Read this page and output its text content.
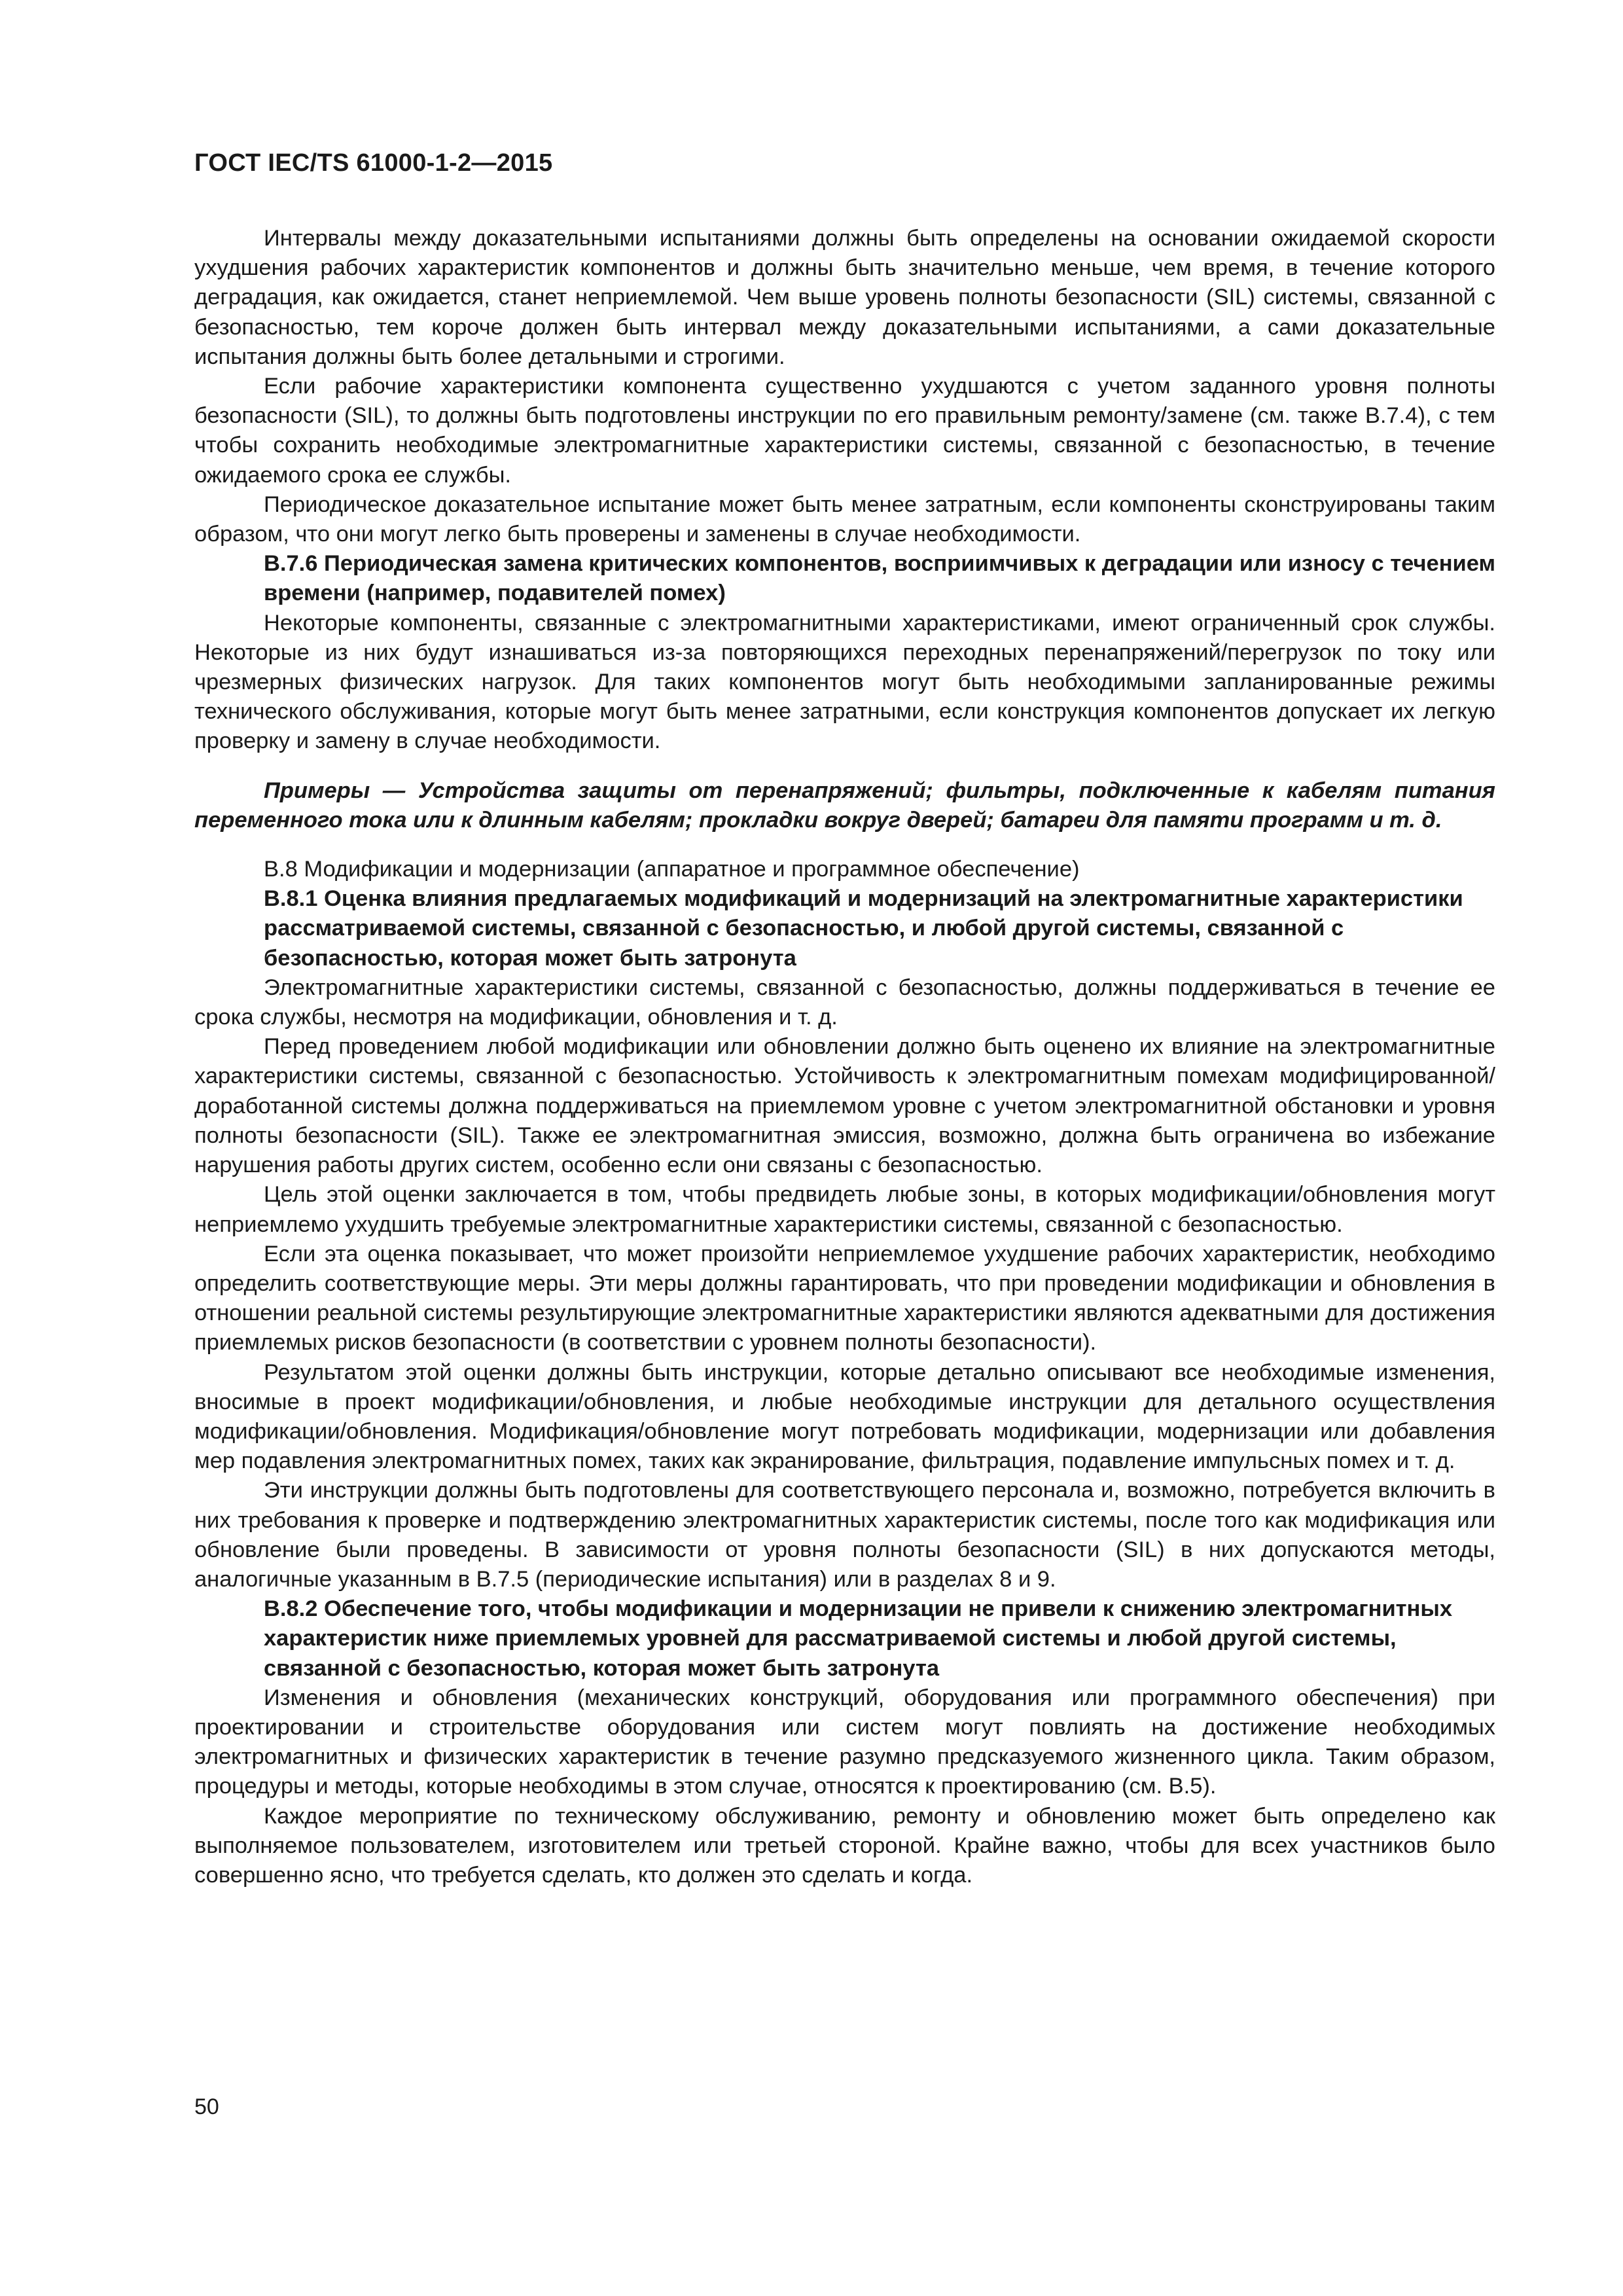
ГОСТ IEC/TS 61000-1-2—2015

Интервалы между доказательными испытаниями должны быть определены на основании ожидаемой скорости ухудшения рабочих характеристик компонентов и должны быть значительно меньше, чем время, в течение которого деградация, как ожидается, станет неприемлемой. Чем выше уровень полноты безопасности (SIL) системы, связанной с безопасностью, тем короче должен быть интервал между доказательными испытаниями, а сами доказательные испытания должны быть более детальными и строгими.

Если рабочие характеристики компонента существенно ухудшаются с учетом заданного уровня полноты безопасности (SIL), то должны быть подготовлены инструкции по его правильным ремонту/замене (см. также B.7.4), с тем чтобы сохранить необходимые электромагнитные характеристики системы, связанной с безопасностью, в течение ожидаемого срока ее службы.

Периодическое доказательное испытание может быть менее затратным, если компоненты сконструированы таким образом, что они могут легко быть проверены и заменены в случае необходимости.

B.7.6 Периодическая замена критических компонентов, восприимчивых к деградации или износу с течением времени (например, подавителей помех)

Некоторые компоненты, связанные с электромагнитными характеристиками, имеют ограниченный срок службы. Некоторые из них будут изнашиваться из-за повторяющихся переходных перенапряжений/перегрузок по току или чрезмерных физических нагрузок. Для таких компонентов могут быть необходимыми запланированные режимы технического обслуживания, которые могут быть менее затратными, если конструкция компонентов допускает их легкую проверку и замену в случае необходимости.

Примеры — Устройства защиты от перенапряжений; фильтры, подключенные к кабелям питания переменного тока или к длинным кабелям; прокладки вокруг дверей; батареи для памяти программ и т. д.

B.8 Модификации и модернизации (аппаратное и программное обеспечение)

B.8.1 Оценка влияния предлагаемых модификаций и модернизаций на электромагнитные характеристики рассматриваемой системы, связанной с безопасностью, и любой другой системы, связанной с безопасностью, которая может быть затронута

Электромагнитные характеристики системы, связанной с безопасностью, должны поддерживаться в течение ее срока службы, несмотря на модификации, обновления и т. д.

Перед проведением любой модификации или обновлении должно быть оценено их влияние на электромагнитные характеристики системы, связанной с безопасностью. Устойчивость к электромагнитным помехам модифицированной/доработанной системы должна поддерживаться на приемлемом уровне с учетом электромагнитной обстановки и уровня полноты безопасности (SIL). Также ее электромагнитная эмиссия, возможно, должна быть ограничена во избежание нарушения работы других систем, особенно если они связаны с безопасностью.

Цель этой оценки заключается в том, чтобы предвидеть любые зоны, в которых модификации/обновления могут неприемлемо ухудшить требуемые электромагнитные характеристики системы, связанной с безопасностью.

Если эта оценка показывает, что может произойти неприемлемое ухудшение рабочих характеристик, необходимо определить соответствующие меры. Эти меры должны гарантировать, что при проведении модификации и обновления в отношении реальной системы результирующие электромагнитные характеристики являются адекватными для достижения приемлемых рисков безопасности (в соответствии с уровнем полноты безопасности).

Результатом этой оценки должны быть инструкции, которые детально описывают все необходимые изменения, вносимые в проект модификации/обновления, и любые необходимые инструкции для детального осуществления модификации/обновления. Модификация/обновление могут потребовать модификации, модернизации или добавления мер подавления электромагнитных помех, таких как экранирование, фильтрация, подавление импульсных помех и т. д.

Эти инструкции должны быть подготовлены для соответствующего персонала и, возможно, потребуется включить в них требования к проверке и подтверждению электромагнитных характеристик системы, после того как модификация или обновление были проведены. В зависимости от уровня полноты безопасности (SIL) в них допускаются методы, аналогичные указанным в B.7.5 (периодические испытания) или в разделах 8 и 9.

B.8.2 Обеспечение того, чтобы модификации и модернизации не привели к снижению электромагнитных характеристик ниже приемлемых уровней для рассматриваемой системы и любой другой системы, связанной с безопасностью, которая может быть затронута

Изменения и обновления (механических конструкций, оборудования или программного обеспечения) при проектировании и строительстве оборудования или систем могут повлиять на достижение необходимых электромагнитных и физических характеристик в течение разумно предсказуемого жизненного цикла. Таким образом, процедуры и методы, которые необходимы в этом случае, относятся к проектированию (см. B.5).

Каждое мероприятие по техническому обслуживанию, ремонту и обновлению может быть определено как выполняемое пользователем, изготовителем или третьей стороной. Крайне важно, чтобы для всех участников было совершенно ясно, что требуется сделать, кто должен это сделать и когда.

50
